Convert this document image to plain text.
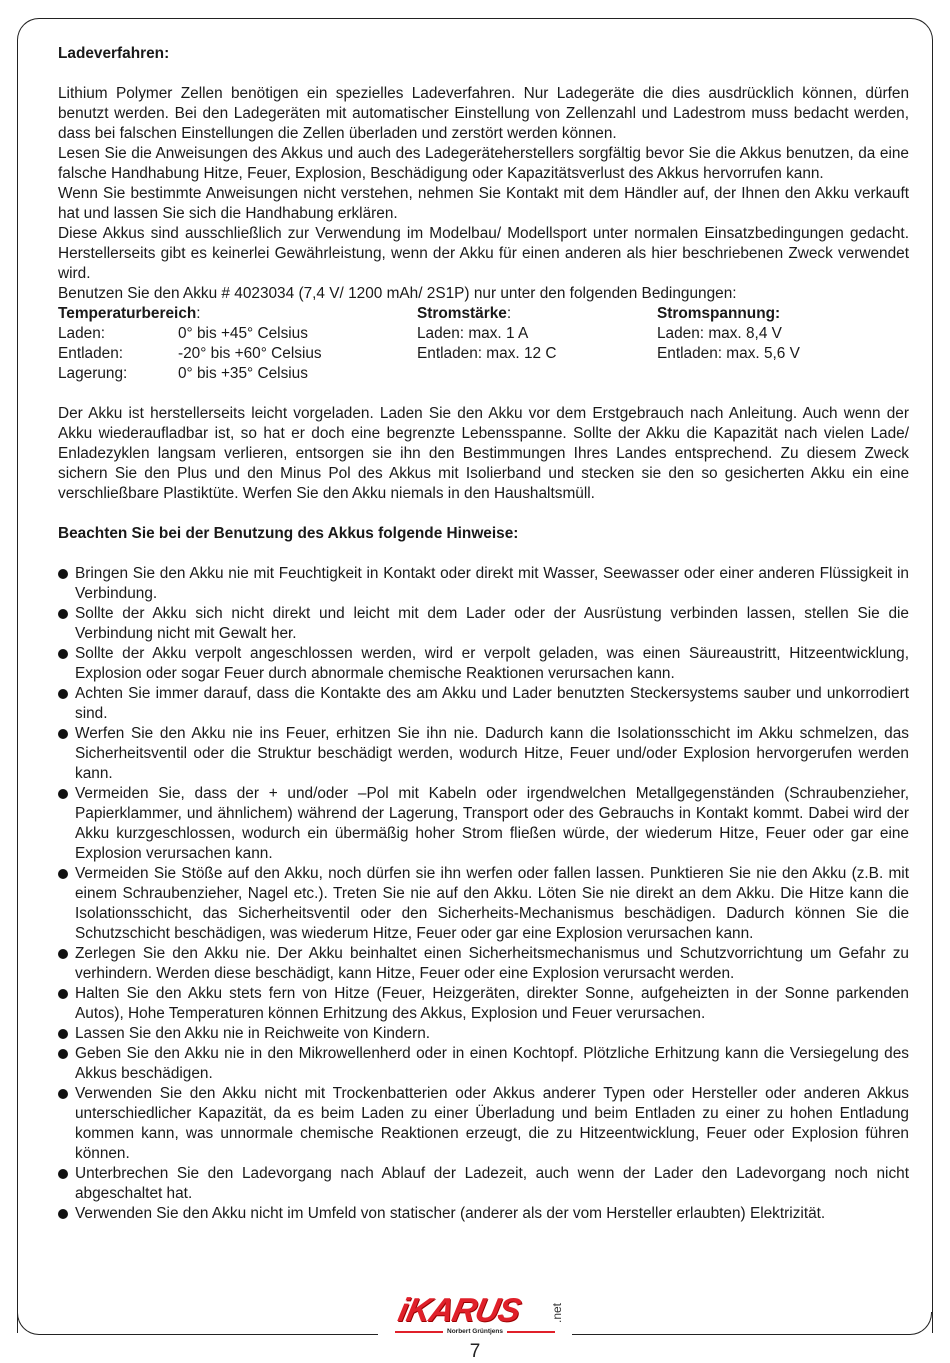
Ladeverfahren:

Lithium Polymer Zellen benötigen ein spezielles Ladeverfahren. Nur Ladegeräte die dies ausdrücklich können, dürfen benutzt werden. Bei den Ladegeräten mit automatischer Einstellung von Zellenzahl und Ladestrom muss bedacht werden, dass bei falschen Einstellungen die Zellen überladen und zerstört werden können.

Lesen Sie die Anweisungen des Akkus und auch des Ladegeräteherstellers sorgfältig bevor Sie die Akkus benutzen, da eine falsche Handhabung Hitze, Feuer, Explosion, Beschädigung oder Kapazitätsverlust des Akkus hervorrufen kann.

Wenn Sie bestimmte Anweisungen nicht verstehen, nehmen Sie Kontakt mit dem Händler auf, der Ihnen den Akku verkauft hat und lassen Sie sich die Handhabung erklären.

Diese Akkus sind ausschließlich zur Verwendung im Modelbau/ Modellsport unter normalen Einsatzbedingungen gedacht. Herstellerseits gibt es keinerlei Gewährleistung, wenn der Akku für einen anderen als hier beschriebenen Zweck verwendet wird.

Benutzen Sie den Akku # 4023034 (7,4 V/ 1200 mAh/ 2S1P) nur unter den folgenden Bedingungen:

Temperaturbereich:	Stromstärke:	Stromspannung:
Laden:	0° bis +45° Celsius	Laden: max. 1 A	Laden: max. 8,4 V
Entladen:	-20° bis +60° Celsius	Entladen: max. 12 C	Entladen: max. 5,6 V
Lagerung:	0° bis +35° Celsius

Der Akku ist herstellerseits leicht vorgeladen. Laden Sie den Akku vor dem Erstgebrauch nach Anleitung. Auch wenn der Akku wiederaufladbar ist, so hat er doch eine begrenzte Lebensspanne. Sollte der Akku die Kapazität nach vielen Lade/ Enladezyklen langsam verlieren, entsorgen sie ihn den Bestimmungen Ihres Landes entsprechend. Zu diesem Zweck sichern Sie den Plus und den Minus Pol des Akkus mit Isolierband und stecken sie den so gesicherten Akku ein eine verschließbare Plastiktüte. Werfen Sie den Akku niemals in den Haushaltsmüll.

Beachten Sie bei der Benutzung des Akkus folgende Hinweise:
Bringen Sie den Akku nie mit Feuchtigkeit in Kontakt oder direkt mit Wasser, Seewasser oder einer anderen Flüssigkeit in Verbindung.
Sollte der Akku sich nicht direkt und leicht mit dem Lader oder der Ausrüstung verbinden lassen, stellen Sie die Verbindung nicht mit Gewalt her.
Sollte der Akku verpolt angeschlossen werden, wird er verpolt geladen, was einen Säureaustritt, Hitzeentwicklung, Explosion oder sogar Feuer durch abnormale chemische Reaktionen verursachen kann.
Achten Sie immer darauf, dass die Kontakte des am Akku und Lader benutzten Steckersystems sauber und unkorrodiert sind.
Werfen Sie den Akku nie ins Feuer, erhitzen Sie ihn nie. Dadurch kann die Isolationsschicht im Akku schmelzen, das Sicherheitsventil oder die Struktur beschädigt werden, wodurch Hitze, Feuer und/oder Explosion hervorgerufen werden kann.
Vermeiden Sie, dass der + und/oder –Pol mit Kabeln oder irgendwelchen Metallgegenständen (Schraubenzieher, Papierklammer, und ähnlichem) während der Lagerung, Transport oder des Gebrauchs in Kontakt kommt. Dabei wird der Akku kurzgeschlossen, wodurch ein übermäßig hoher Strom fließen würde, der wiederum Hitze, Feuer oder gar eine Explosion verursachen kann.
Vermeiden Sie Stöße auf den Akku, noch dürfen sie ihn werfen oder fallen lassen. Punktieren Sie nie den Akku (z.B. mit einem Schraubenzieher, Nagel etc.). Treten Sie nie auf den Akku. Löten Sie nie direkt an dem Akku. Die Hitze kann die Isolationsschicht, das Sicherheitsventil oder den Sicherheits-Mechanismus beschädigen. Dadurch können Sie die Schutzschicht beschädigen, was wiederum Hitze, Feuer oder gar eine Explosion verursachen kann.
Zerlegen Sie den Akku nie. Der Akku beinhaltet einen Sicherheitsmechanismus und Schutzvorrichtung um Gefahr zu verhindern. Werden diese beschädigt, kann Hitze, Feuer oder eine Explosion verursacht werden.
Halten Sie den Akku stets fern von Hitze (Feuer, Heizgeräten, direkter Sonne, aufgeheizten in der Sonne parkenden Autos), Hohe Temperaturen können Erhitzung des Akkus, Explosion und Feuer verursachen.
Lassen Sie den Akku nie in Reichweite von Kindern.
Geben Sie den Akku nie in den Mikrowellenherd oder in einen Kochtopf. Plötzliche Erhitzung kann die Versiegelung des Akkus beschädigen.
Verwenden Sie den Akku nicht mit Trockenbatterien oder Akkus anderer Typen oder Hersteller oder anderen Akkus unterschiedlicher Kapazität, da es beim Laden zu einer Überladung und beim Entladen zu einer zu hohen Entladung kommen kann, was unnormale chemische Reaktionen erzeugt, die zu Hitzeentwicklung, Feuer oder Explosion führen können.
Unterbrechen Sie den Ladevorgang nach Ablauf der Ladezeit, auch wenn der Lader den Ladevorgang noch nicht abgeschaltet hat.
Verwenden Sie den Akku nicht im Umfeld von statischer (anderer als der vom Hersteller erlaubten) Elektrizität.
iKARUS .net
Norbert Grüntjens
7
